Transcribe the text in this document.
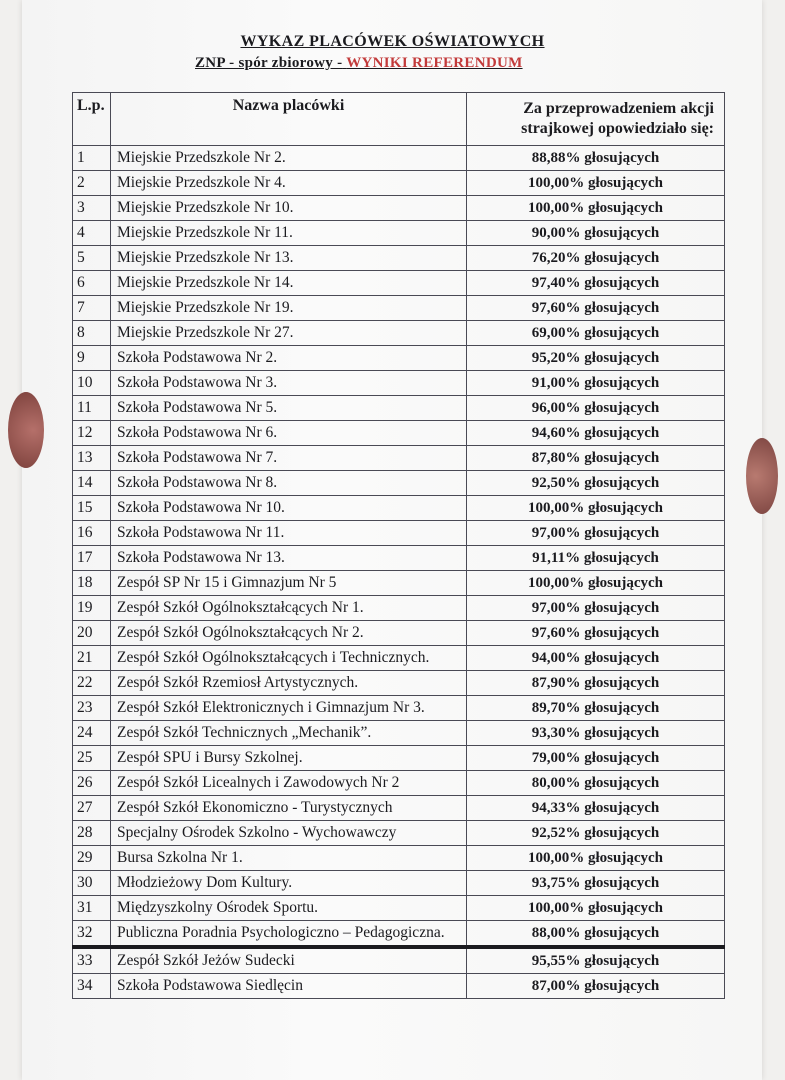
WYKAZ PLACÓWEK OŚWIATOWYCH
ZNP - spór zbiorowy - WYNIKI REFERENDUM
L.p.	Nazwa placówki	Za przeprowadzeniem akcji
strajkowej opowiedziało się:

1	Miejskie Przedszkole Nr 2.	88,88% głosujących
2	Miejskie Przedszkole Nr 4.	100,00% głosujących
3	Miejskie Przedszkole Nr 10.	100,00% głosujących
4	Miejskie Przedszkole Nr 11.	90,00% głosujących
5	Miejskie Przedszkole Nr 13.	76,20% głosujących
6	Miejskie Przedszkole Nr 14.	97,40% głosujących
7	Miejskie Przedszkole Nr 19.	97,60% głosujących
8	Miejskie Przedszkole Nr 27.	69,00% głosujących
9	Szkoła Podstawowa Nr 2.	95,20% głosujących
10	Szkoła Podstawowa Nr 3.	91,00% głosujących
11	Szkoła Podstawowa Nr 5.	96,00% głosujących
12	Szkoła Podstawowa Nr 6.	94,60% głosujących
13	Szkoła Podstawowa Nr 7.	87,80% głosujących
14	Szkoła Podstawowa Nr 8.	92,50% głosujących
15	Szkoła Podstawowa Nr 10.	100,00% głosujących
16	Szkoła Podstawowa Nr 11.	97,00% głosujących
17	Szkoła Podstawowa Nr 13.	91,11% głosujących
18	Zespół SP Nr 15 i Gimnazjum Nr 5	100,00% głosujących
19	Zespół Szkół Ogólnokształcących Nr 1.	97,00% głosujących
20	Zespół Szkół Ogólnokształcących Nr 2.	97,60% głosujących
21	Zespół Szkół Ogólnokształcących i Technicznych.	94,00% głosujących
22	Zespół Szkół Rzemiosł Artystycznych.	87,90% głosujących
23	Zespół Szkół Elektronicznych i Gimnazjum Nr 3.	89,70% głosujących
24	Zespół Szkół Technicznych „Mechanik”.	93,30% głosujących
25	Zespół SPU i Bursy Szkolnej.	79,00% głosujących
26	Zespół Szkół Licealnych i Zawodowych Nr 2	80,00% głosujących
27	Zespół Szkół Ekonomiczno - Turystycznych	94,33% głosujących
28	Specjalny Ośrodek Szkolno - Wychowawczy	92,52% głosujących
29	Bursa Szkolna Nr 1.	100,00% głosujących
30	Młodzieżowy Dom Kultury.	93,75% głosujących
31	Międzyszkolny Ośrodek Sportu.	100,00% głosujących
32	Publiczna Poradnia Psychologiczno – Pedagogiczna.	88,00% głosujących
33	Zespół Szkół Jeżów Sudecki	95,55% głosujących
34	Szkoła Podstawowa Siedlęcin	87,00% głosujących
